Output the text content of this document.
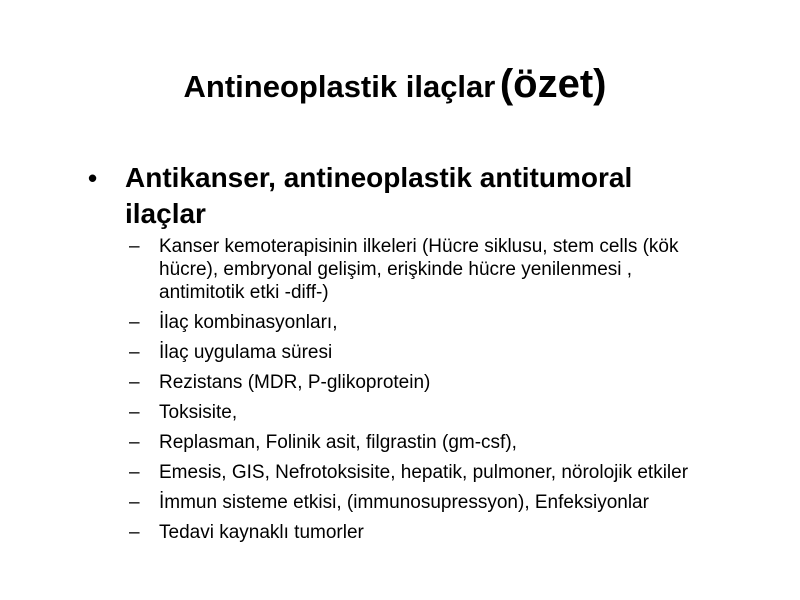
Antineoplastik ilaçlar (özet)
• Antikanser, antineoplastik antitumoral ilaçlar
– Kanser kemoterapisinin ilkeleri (Hücre siklusu, stem cells (kök hücre), embryonal gelişim, erişkinde hücre yenilenmesi , antimitotik etki -diff-)
– İlaç kombinasyonları,
– İlaç uygulama süresi
– Rezistans (MDR, P-glikoprotein)
– Toksisite,
– Replasman, Folinik asit, filgrastin (gm-csf),
– Emesis, GIS, Nefrotoksisite, hepatik, pulmoner, nörolojik etkiler
– İmmun sisteme etkisi, (immunosupressyon), Enfeksiyonlar
– Tedavi kaynaklı tumorler
